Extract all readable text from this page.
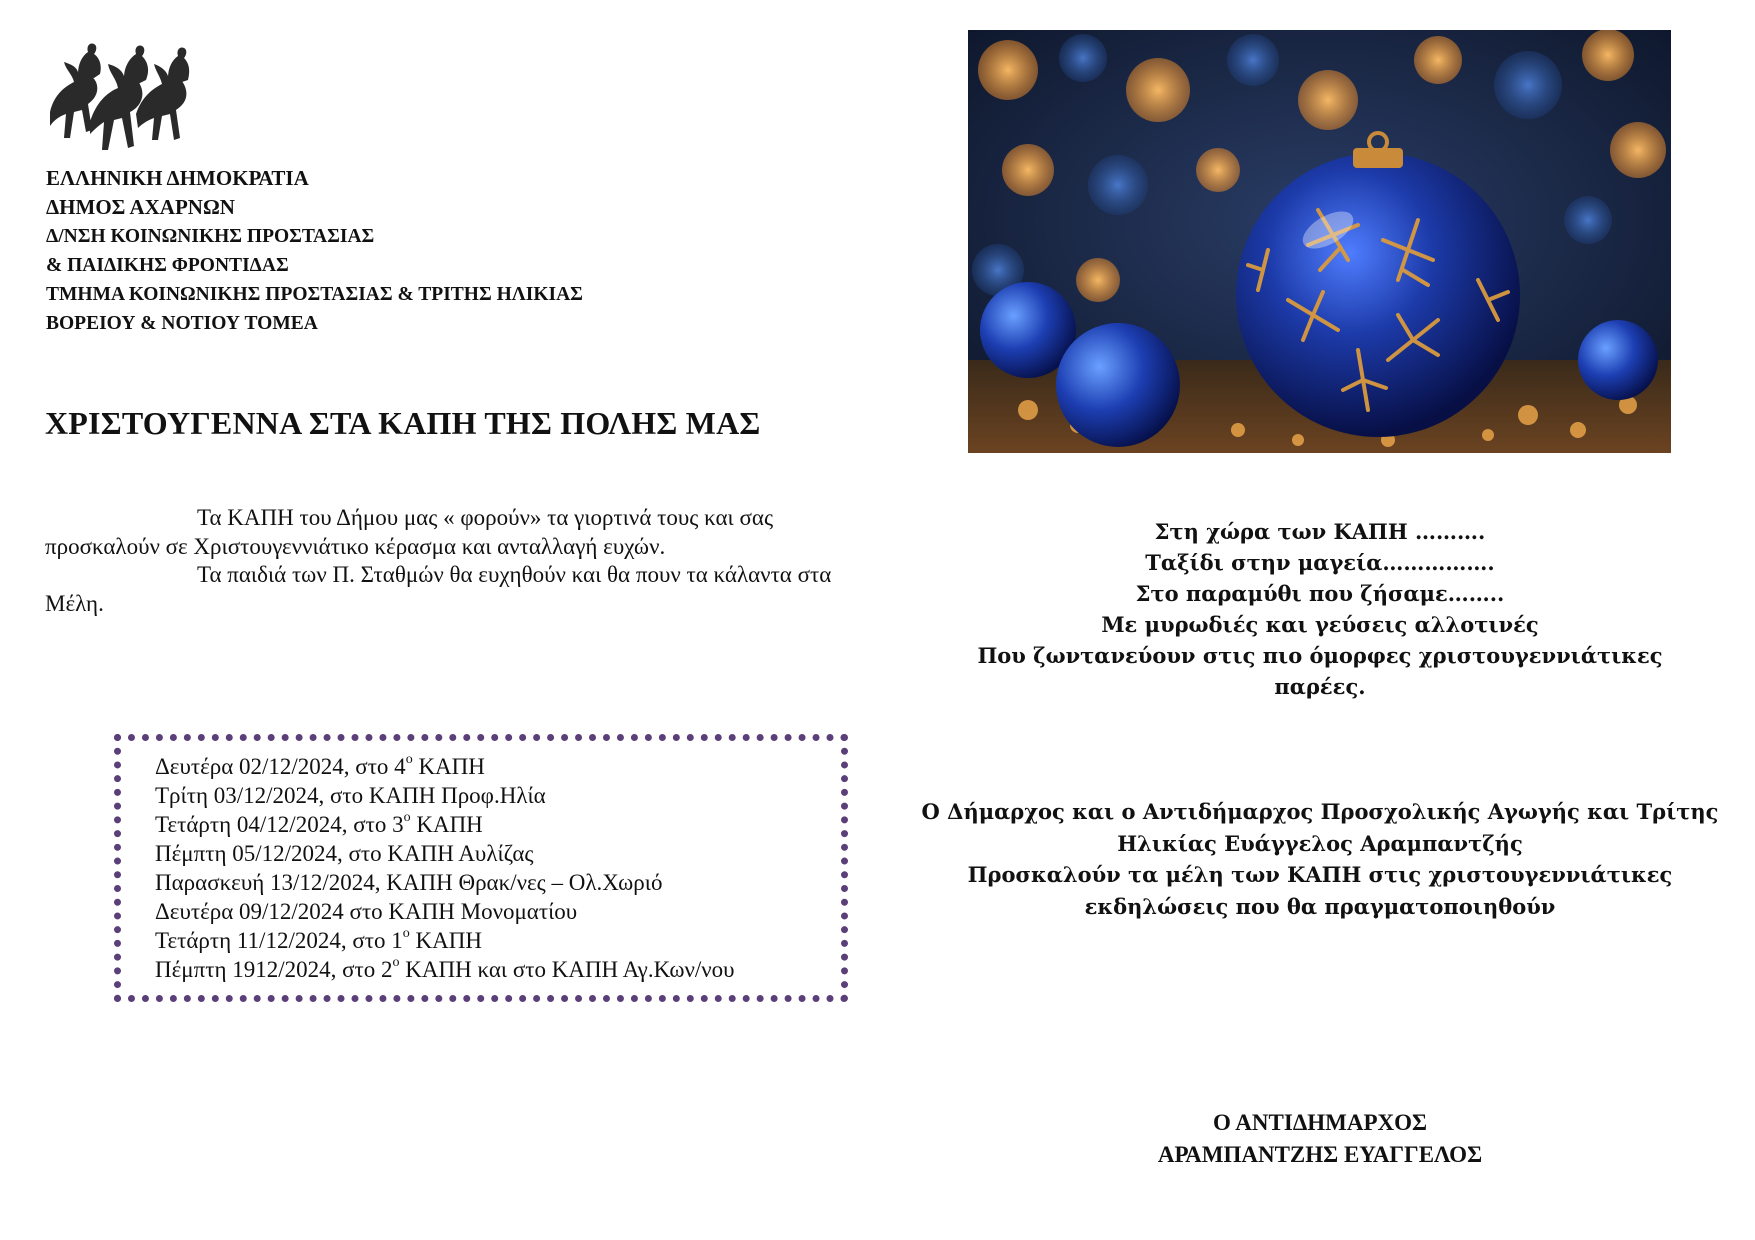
ΕΛΛΗΝΙΚΗ ΔΗΜΟΚΡΑΤΙΑ
ΔΗΜΟΣ ΑΧΑΡΝΩΝ
Δ/ΝΣΗ ΚΟΙΝΩΝΙΚΗΣ ΠΡΟΣΤΑΣΙΑΣ
& ΠΑΙΔΙΚΗΣ ΦΡΟΝΤΙΔΑΣ
ΤΜΗΜΑ ΚΟΙΝΩΝΙΚΗΣ ΠΡΟΣΤΑΣΙΑΣ & ΤΡΙΤΗΣ ΗΛΙΚΙΑΣ
ΒΟΡΕΙΟΥ & ΝΟΤΙΟΥ ΤΟΜΕΑ
ΧΡΙΣΤΟΥΓΕΝΝΑ ΣΤΑ ΚΑΠΗ ΤΗΣ ΠΟΛΗΣ ΜΑΣ
Τα ΚΑΠΗ του Δήμου μας « φορούν» τα γιορτινά τους και σας προσκαλούν σε Χριστουγεννιάτικο κέρασμα και ανταλλαγή ευχών.
Τα παιδιά των Π. Σταθμών θα ευχηθούν και θα πουν τα κάλαντα στα Μέλη.
Δευτέρα 02/12/2024, στο $4^o$ ΚΑΠΗ
Τρίτη 03/12/2024, στο ΚΑΠΗ Προφ.Ηλία
Τετάρτη 04/12/2024, στο $3^o$ ΚΑΠΗ
Πέμπτη 05/12/2024, στο ΚΑΠΗ Αυλίζας
Παρασκευή 13/12/2024, ΚΑΠΗ Θρακ/νες – Ολ.Χωριό
Δευτέρα 09/12/2024 στο ΚΑΠΗ Μονοματίου
Τετάρτη 11/12/2024, στο $1^o$ ΚΑΠΗ
Πέμπτη 1912/2024, στο $2^o$ ΚΑΠΗ και στο ΚΑΠΗ Αγ.Κων/νου
Στη χώρα των ΚΑΠΗ ……….
Ταξίδι στην μαγεία…………….
Στο παραμύθι που ζήσαμε……..
Με μυρωδιές και γεύσεις αλλοτινές
Που ζωντανεύουν στις πιο όμορφες χριστουγεννιάτικες παρέες.
Ο Δήμαρχος και ο Αντιδήμαρχος Προσχολικής Αγωγής και Τρίτης
Ηλικίας Ευάγγελος Αραμπαντζής
Προσκαλούν τα μέλη των ΚΑΠΗ στις χριστουγεννιάτικες
εκδηλώσεις που θα πραγματοποιηθούν
Ο ΑΝΤΙΔΗΜΑΡΧΟΣ
ΑΡΑΜΠΑΝΤΖΗΣ ΕΥΑΓΓΕΛΟΣ
